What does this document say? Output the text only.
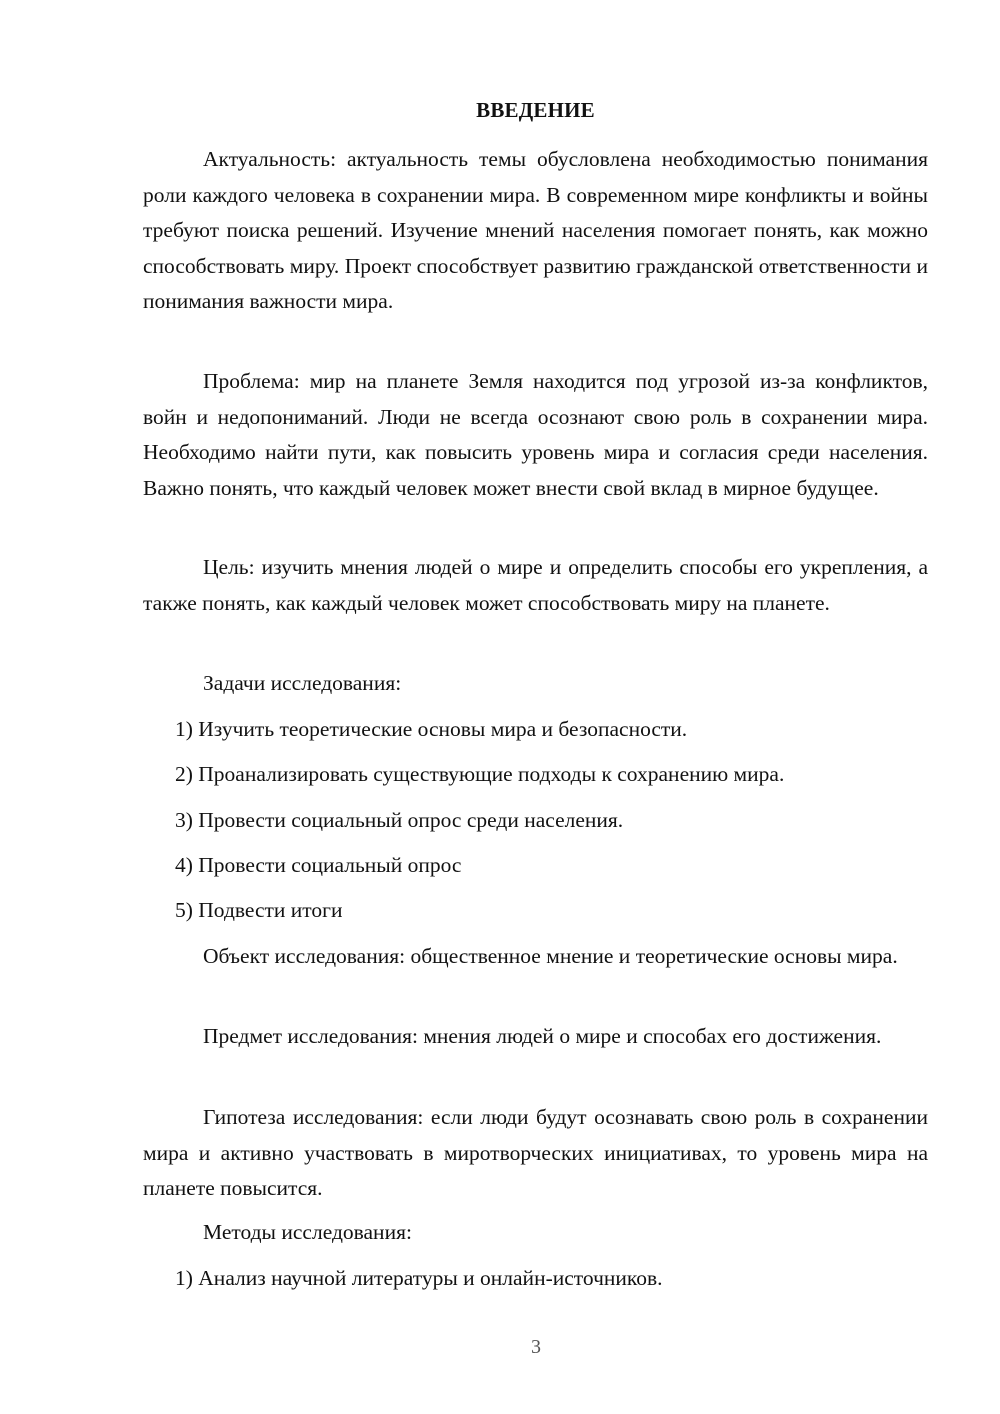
ВВЕДЕНИЕ

Актуальность: актуальность темы обусловлена необходимостью понимания роли каждого человека в сохранении мира. В современном мире конфликты и войны требуют поиска решений. Изучение мнений населения помогает понять, как можно способствовать миру. Проект способствует развитию гражданской ответственности и понимания важности мира.

Проблема: мир на планете Земля находится под угрозой из-за конфликтов, войн и недопониманий. Люди не всегда осознают свою роль в сохранении мира. Необходимо найти пути, как повысить уровень мира и согласия среди населения. Важно понять, что каждый человек может внести свой вклад в мирное будущее.

Цель: изучить мнения людей о мире и определить способы его укрепления, а также понять, как каждый человек может способствовать миру на планете.

Задачи исследования:

1) Изучить теоретические основы мира и безопасности.

2) Проанализировать существующие подходы к сохранению мира.

3) Провести социальный опрос среди населения.

4) Провести социальный опрос

5) Подвести итоги

Объект исследования: общественное мнение и теоретические основы мира.

Предмет исследования: мнения людей о мире и способах его достижения.

Гипотеза исследования: если люди будут осознавать свою роль в сохранении мира и активно участвовать в миротворческих инициативах, то уровень мира на планете повысится.

Методы исследования:

1) Анализ научной литературы и онлайн-источников.

3
